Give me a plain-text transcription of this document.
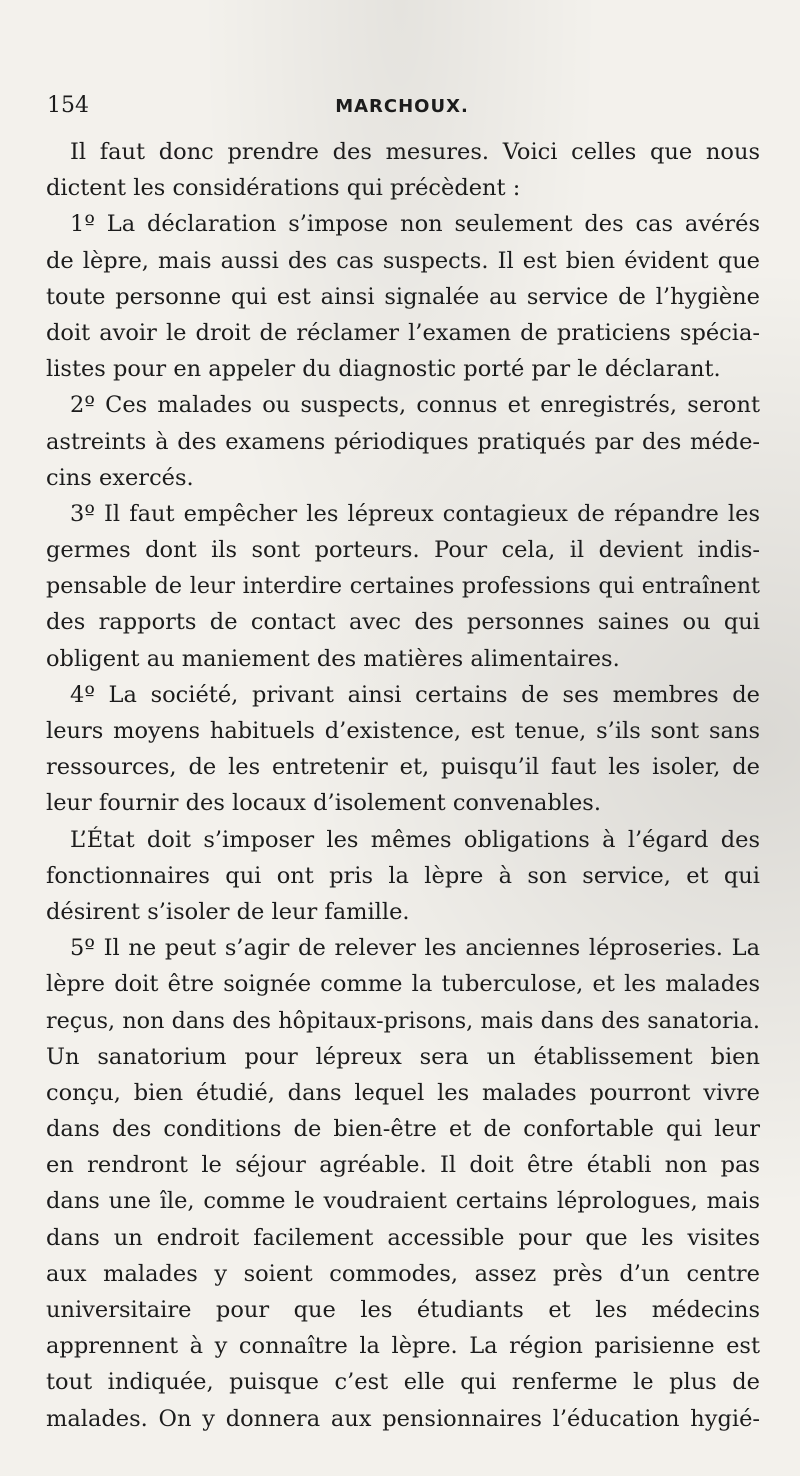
154	MARCHOUX.
Il faut donc prendre des mesures. Voici celles que nous
dictent les considérations qui précèdent :
1º La déclaration s’impose non seulement des cas avérés
de lèpre, mais aussi des cas suspects. Il est bien évident que
toute personne qui est ainsi signalée au service de l’hygiène
doit avoir le droit de réclamer l’examen de praticiens spécia-
listes pour en appeler du diagnostic porté par le déclarant.
2º Ces malades ou suspects, connus et enregistrés, seront
astreints à des examens périodiques pratiqués par des méde-
cins exercés.
3º Il faut empêcher les lépreux contagieux de répandre les
germes dont ils sont porteurs. Pour cela, il devient indis-
pensable de leur interdire certaines professions qui entraînent
des rapports de contact avec des personnes saines ou qui
obligent au maniement des matières alimentaires.
4º La société, privant ainsi certains de ses membres de
leurs moyens habituels d’existence, est tenue, s’ils sont sans
ressources, de les entretenir et, puisqu’il faut les isoler, de
leur fournir des locaux d’isolement convenables.
L’État doit s’imposer les mêmes obligations à l’égard des
fonctionnaires qui ont pris la lèpre à son service, et qui
désirent s’isoler de leur famille.
5º Il ne peut s’agir de relever les anciennes léproseries. La
lèpre doit être soignée comme la tuberculose, et les malades
reçus, non dans des hôpitaux-prisons, mais dans des sanatoria.
Un sanatorium pour lépreux sera un établissement bien
conçu, bien étudié, dans lequel les malades pourront vivre
dans des conditions de bien-être et de confortable qui leur
en rendront le séjour agréable. Il doit être établi non pas
dans une île, comme le voudraient certains léprologues, mais
dans un endroit facilement accessible pour que les visites
aux malades y soient commodes, assez près d’un centre
universitaire pour que les étudiants et les médecins
apprennent à y connaître la lèpre. La région parisienne est
tout indiquée, puisque c’est elle qui renferme le plus de
malades. On y donnera aux pensionnaires l’éducation hygié-
